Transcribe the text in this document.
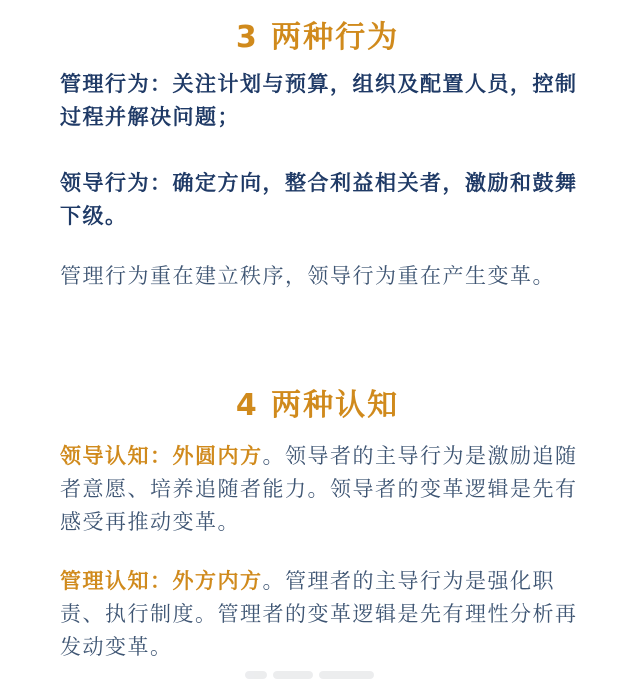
3 两种行为

管理行为：关注计划与预算，组织及配置人员，控制过程并解决问题；

领导行为：确定方向，整合利益相关者，激励和鼓舞下级。

管理行为重在建立秩序，领导行为重在产生变革。

4 两种认知

领导认知：外圆内方。领导者的主导行为是激励追随者意愿、培养追随者能力。领导者的变革逻辑是先有感受再推动变革。

管理认知：外方内方。管理者的主导行为是强化职责、执行制度。管理者的变革逻辑是先有理性分析再发动变革。
